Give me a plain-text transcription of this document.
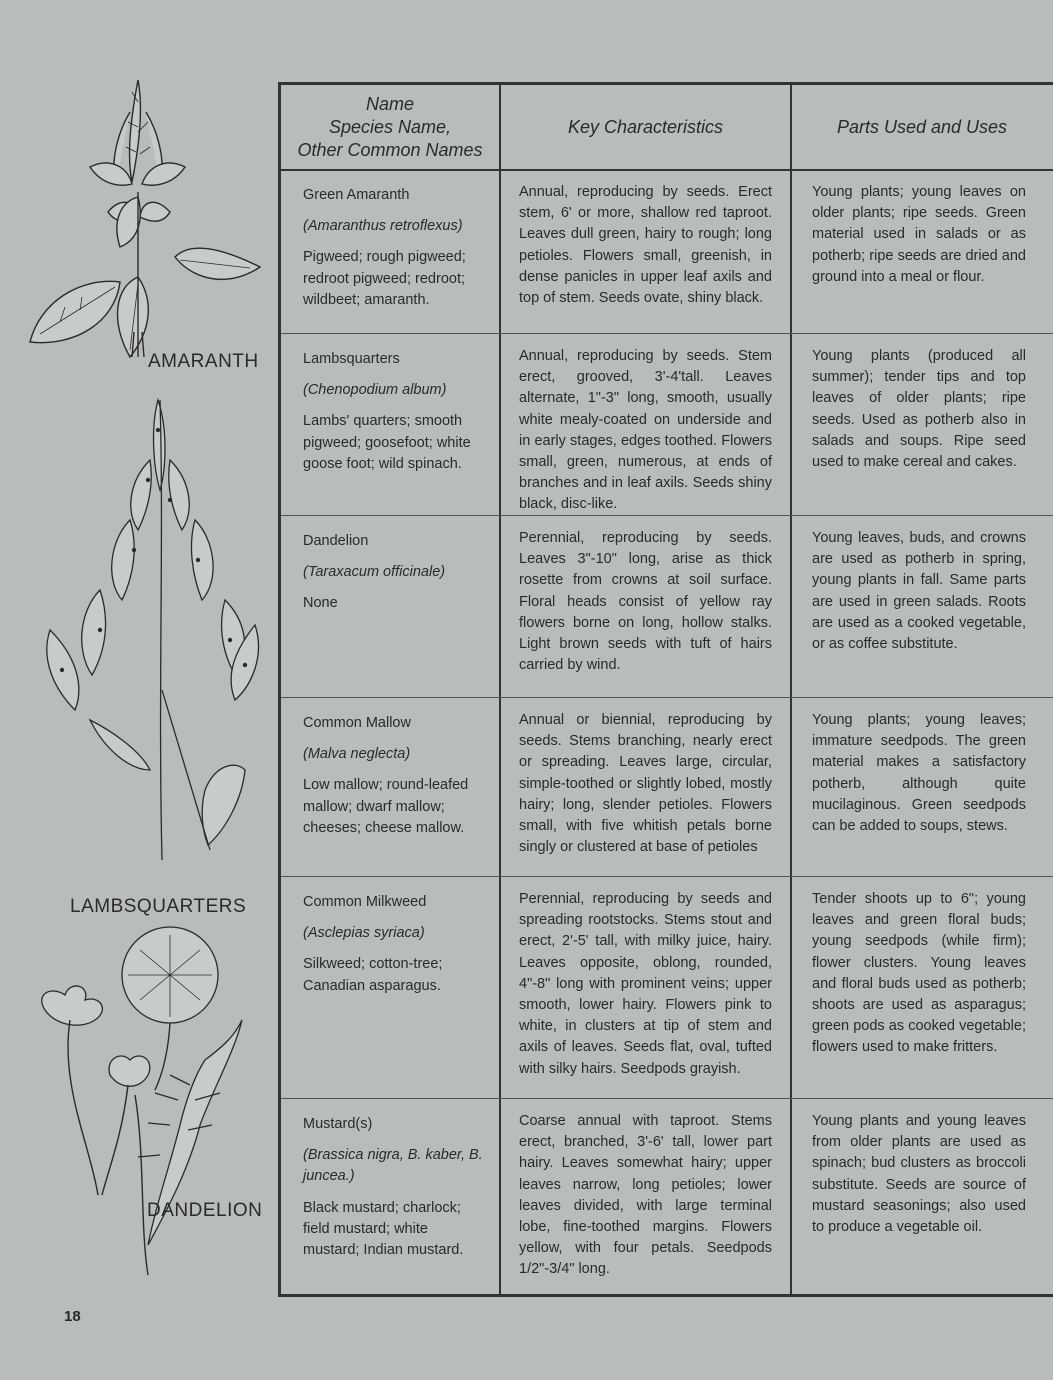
AMARANTH
LAMBSQUARTERS
DANDELION
Name
Species Name,
Other Common Names
Key Characteristics	Parts Used and Uses

Green Amaranth

(Amaranthus retroflexus)

Pigweed; rough pigweed; redroot pigweed; redroot; wildbeet; amaranth.

Annual, reproducing by seeds. Erect stem, 6' or more, shallow red taproot. Leaves dull green, hairy to rough; long petioles. Flowers small, greenish, in dense panicles in upper leaf axils and top of stem. Seeds ovate, shiny black.
Young plants; young leaves on older plants; ripe seeds. Green material used in salads or as potherb; ripe seeds are dried and ground into a meal or flour.

Lambsquarters

(Chenopodium album)

Lambs' quarters; smooth pigweed; goosefoot; white goose foot; wild spinach.

Annual, reproducing by seeds. Stem erect, grooved, 3'-4'tall. Leaves alternate, 1"-3" long, smooth, usually white mealy-coated on underside and in early stages, edges toothed. Flowers small, green, numerous, at ends of branches and in leaf axils. Seeds shiny black, disc-like.
Young plants (produced all summer); tender tips and top leaves of older plants; ripe seeds. Used as potherb also in salads and soups. Ripe seed used to make cereal and cakes.

Dandelion

(Taraxacum officinale)

None

Perennial, reproducing by seeds. Leaves 3"-10" long, arise as thick rosette from crowns at soil surface. Floral heads consist of yellow ray flowers borne on long, hollow stalks. Light brown seeds with tuft of hairs carried by wind.
Young leaves, buds, and crowns are used as potherb in spring, young plants in fall. Same parts are used in green salads. Roots are used as a cooked vegetable, or as coffee substitute.

Common Mallow

(Malva neglecta)

Low mallow; round-leafed mallow; dwarf mallow; cheeses; cheese mallow.

Annual or biennial, reproducing by seeds. Stems branching, nearly erect or spreading. Leaves large, circular, simple-toothed or slightly lobed, mostly hairy; long, slender petioles. Flowers small, with five whitish petals borne singly or clustered at base of petioles
Young plants; young leaves; immature seedpods. The green material makes a satisfactory potherb, although quite mucilaginous. Green seedpods can be added to soups, stews.

Common Milkweed

(Asclepias syriaca)

Silkweed; cotton-tree; Canadian asparagus.

Perennial, reproducing by seeds and spreading rootstocks. Stems stout and erect, 2'-5' tall, with milky juice, hairy. Leaves opposite, oblong, rounded, 4"-8" long with prominent veins; upper smooth, lower hairy. Flowers pink to white, in clusters at tip of stem and axils of leaves. Seeds flat, oval, tufted with silky hairs. Seedpods grayish.
Tender shoots up to 6"; young leaves and green floral buds; young seedpods (while firm); flower clusters. Young leaves and floral buds used as potherb; shoots are used as asparagus; green pods as cooked vegetable; flowers used to make fritters.

Mustard(s)

(Brassica nigra, B. kaber, B. juncea.)

Black mustard; charlock; field mustard; white mustard; Indian mustard.

Coarse annual with taproot. Stems erect, branched, 3'-6' tall, lower part hairy. Leaves somewhat hairy; upper leaves narrow, long petioles; lower leaves divided, with large terminal lobe, fine-toothed margins. Flowers yellow, with four petals. Seedpods 1/2"-3/4" long.
Young plants and young leaves from older plants are used as spinach; bud clusters as broccoli substitute. Seeds are source of mustard seasonings; also used to produce a vegetable oil.
18
